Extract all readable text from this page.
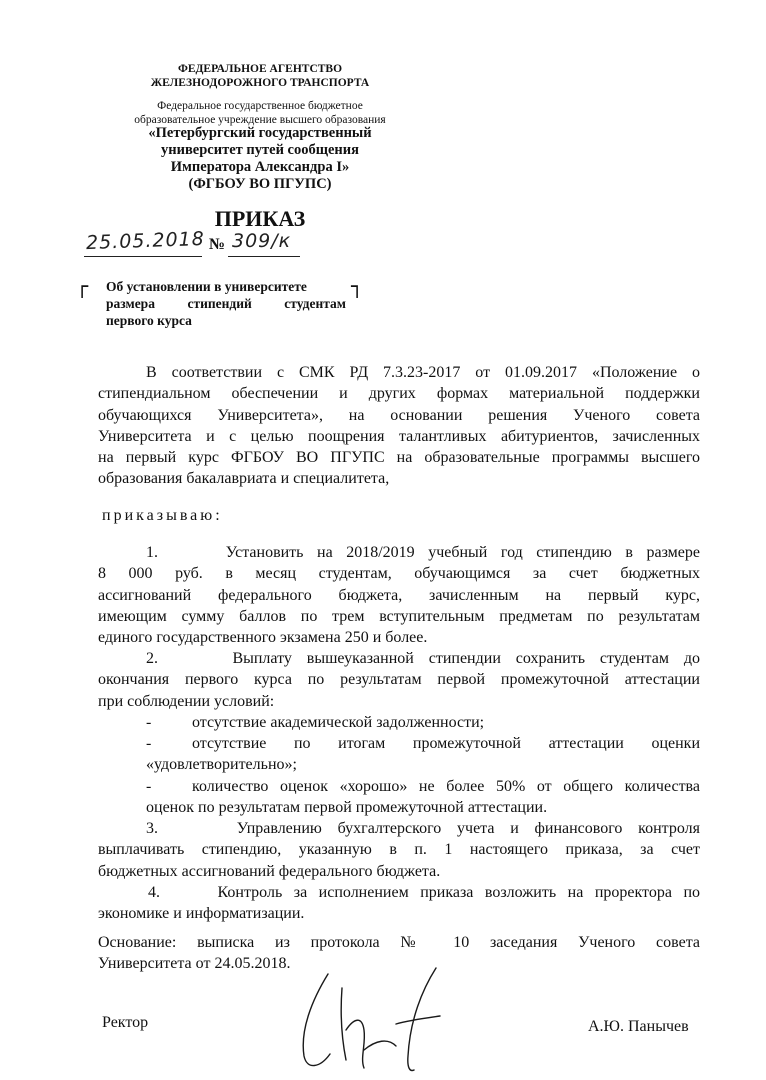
ФЕДЕРАЛЬНОЕ АГЕНТСТВО
ЖЕЛЕЗНОДОРОЖНОГО ТРАНСПОРТА
Федеральное государственное бюджетное
образовательное учреждение высшего образования
«Петербургский государственный
университет путей сообщения
Императора Александра I»
(ФГБОУ ВО ПГУПС)
ПРИКАЗ
25.05.2018 № 309/к
┌	┐
Об установлении в университете
размера стипендий студентам
первого курса
В соответствии с СМК РД 7.3.23-2017 от 01.09.2017 «Положение о
стипендиальном обеспечении и других формах материальной поддержки
обучающихся Университета», на основании решения Ученого совета
Университета и с целью поощрения талантливых абитуриентов, зачисленных
на первый курс ФГБОУ ВО ПГУПС на образовательные программы высшего
образования бакалавриата и специалитета,
приказываю:
1.     Установить на 2018/2019 учебный год стипендию в размере
8 000 руб. в месяц студентам, обучающимся за счет бюджетных
ассигнований федерального бюджета, зачисленным на первый курс,
имеющим сумму баллов по трем вступительным предметам по результатам
единого государственного экзамена 250 и более.
2.     Выплату вышеуказанной стипендии сохранить студентам до
окончания первого курса по результатам первой промежуточной аттестации
при соблюдении условий:
-	отсутствие академической задолженности;
-	отсутствие по итогам промежуточной аттестации оценки
«удовлетворительно»;
-	количество оценок «хорошо» не более 50% от общего количества
оценок по результатам первой промежуточной аттестации.
3.     Управлению бухгалтерского учета и финансового контроля
выплачивать стипендию, указанную в п. 1 настоящего приказа, за счет
бюджетных ассигнований федерального бюджета.
4.     Контроль за исполнением приказа возложить на проректора по
экономике и информатизации.
Основание: выписка из протокола № 10 заседания Ученого совета
Университета от 24.05.2018.
Ректор	А.Ю. Панычев
